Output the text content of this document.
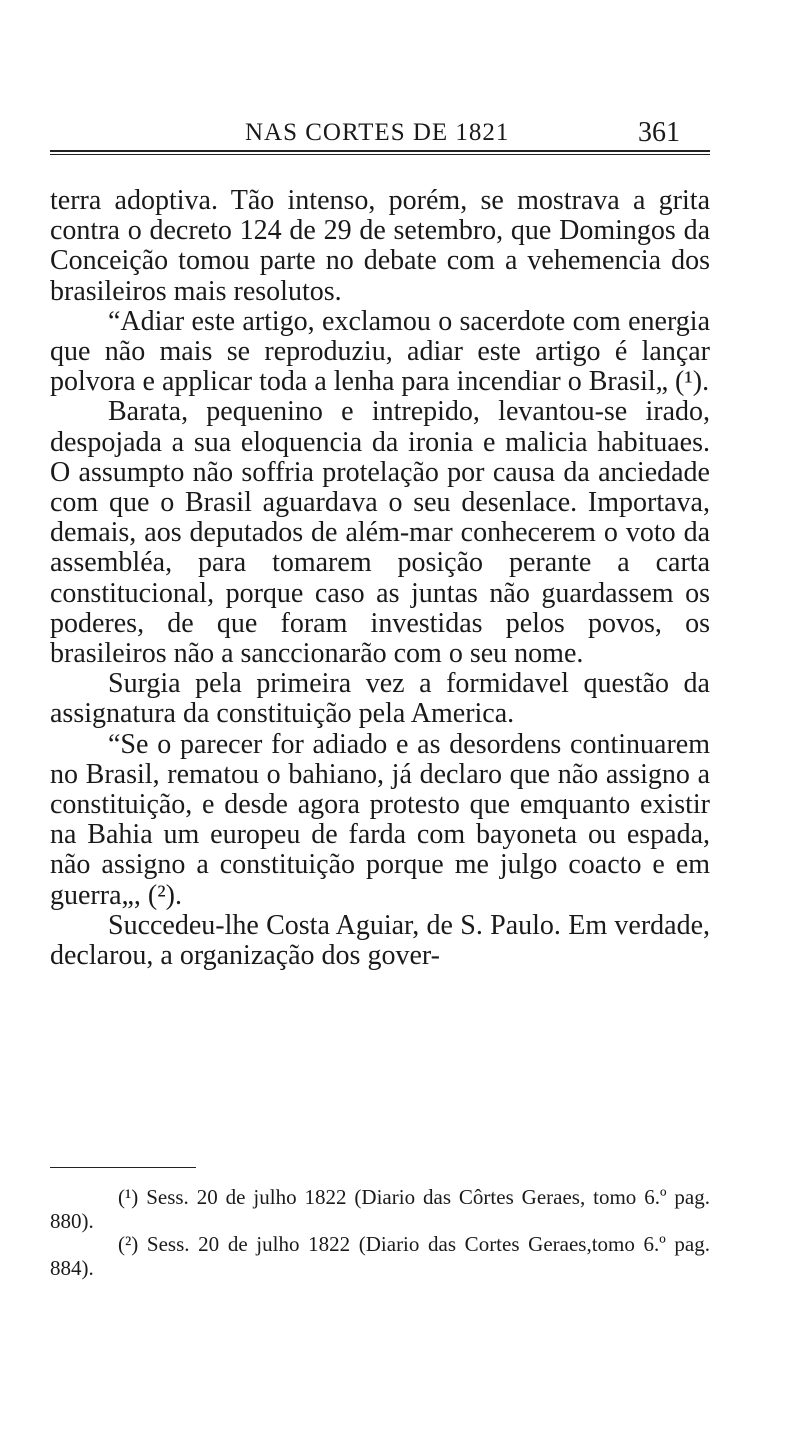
NAS CORTES DE 1821	361

terra adoptiva. Tão intenso, porém, se mostrava a grita contra o decreto 124 de 29 de setembro, que Domingos da Conceição tomou parte no debate com a vehemencia dos brasileiros mais resolutos.

“Adiar este artigo, exclamou o sacerdote com energia que não mais se reproduziu, adiar este artigo é lançar polvora e applicar toda a lenha para incendiar o Brasil„ (¹).

Barata, pequenino e intrepido, levantou-se irado, despojada a sua eloquencia da ironia e malicia habituaes. O assumpto não soffria protelação por causa da anciedade com que o Brasil aguardava o seu desenlace. Importava, demais, aos deputados de além-mar conhecerem o voto da assembléa, para tomarem posição perante a carta constitucional, porque caso as juntas não guardassem os poderes, de que foram investidas pelos povos, os brasileiros não a sanccionarão com o seu nome.

Surgia pela primeira vez a formidavel questão da assignatura da constituição pela America.

“Se o parecer for adiado e as desordens continuarem no Brasil, rematou o bahiano, já declaro que não assigno a constituição, e desde agora protesto que emquanto existir na Bahia um europeu de farda com bayoneta ou espada, não assigno a constituição porque me julgo coacto e em guerra„, (²).

Succedeu-lhe Costa Aguiar, de S. Paulo. Em verdade, declarou, a organização dos gover-

(¹) Sess. 20 de julho 1822 (Diario das Côrtes Geraes, tomo 6.º pag. 880).

(²) Sess. 20 de julho 1822 (Diario das Cortes Geraes,tomo 6.º pag. 884).
